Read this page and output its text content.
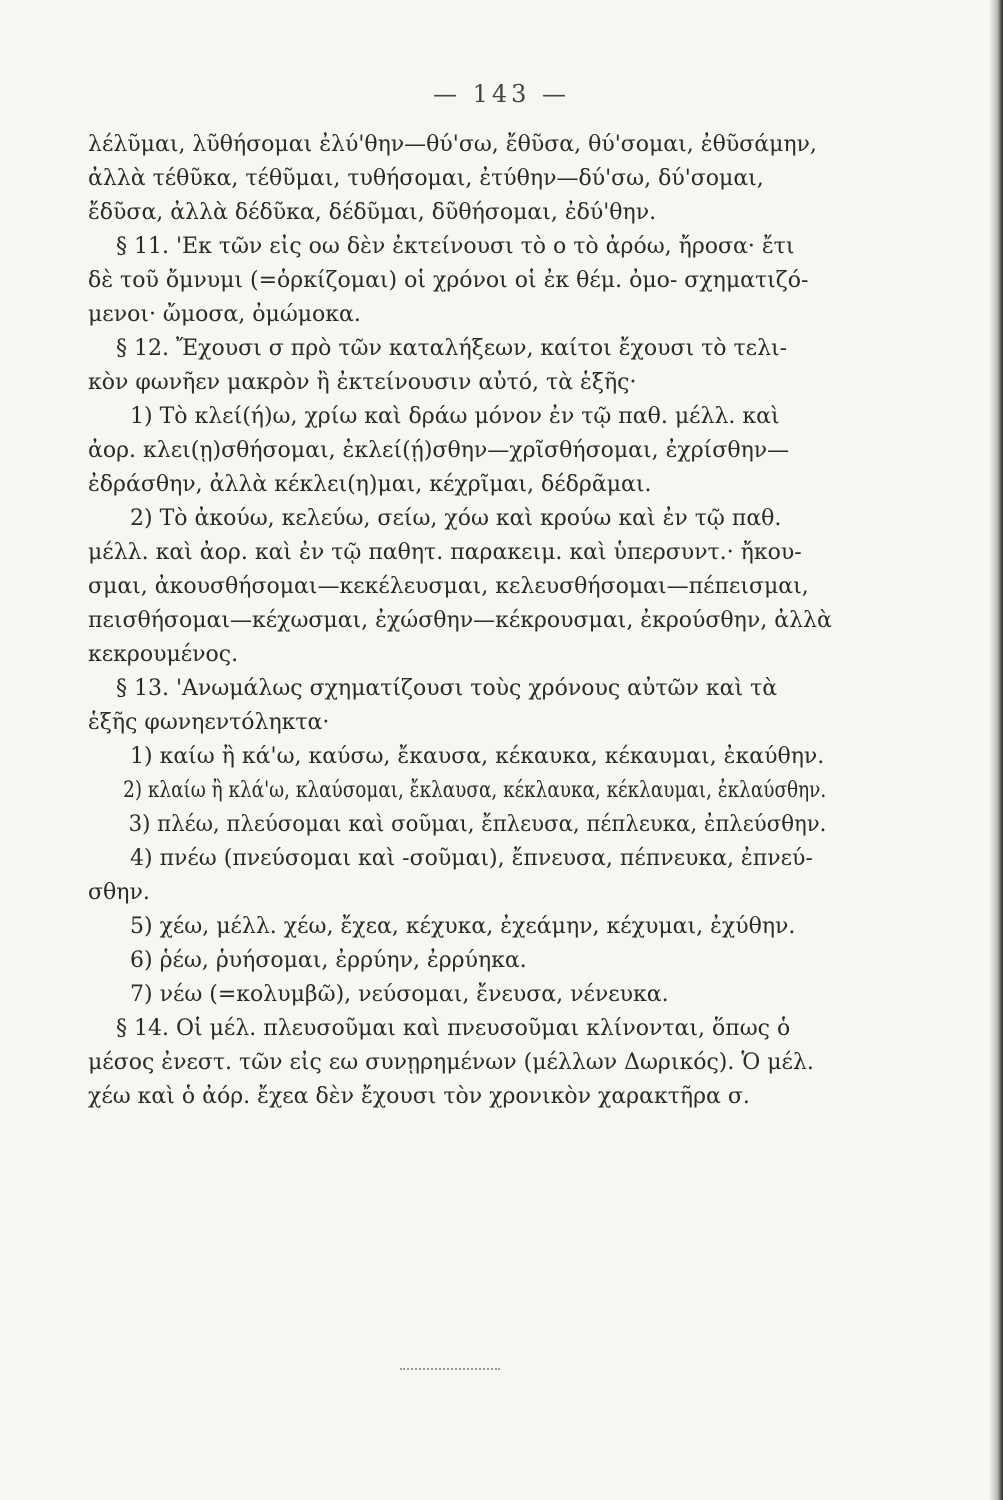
— 143 —
λέλῦμαι, λῦθήσομαι ἐλύ'θην—θύ'σω, ἔθῦσα, θύ'σομαι, ἐθῦσάμην,
ἀλλὰ τέθῦκα, τέθῦμαι, τυθήσομαι, ἐτύθην—δύ'σω, δύ'σομαι,
ἔδῦσα, ἀλλὰ δέδῦκα, δέδῦμαι, δῦθήσομαι, ἐδύ'θην.
§ 11. 'Εκ τῶν εἰς οω δὲν ἐκτείνουσι τὸ ο τὸ ἀρόω, ἤροσα· ἔτι
δὲ τοῦ ὄμνυμι (=ὁρκίζομαι) οἱ χρόνοι οἱ ἐκ θέμ. ὀμο- σχηματιζό-
μενοι· ὤμοσα, ὀμώμοκα.
§ 12. Ἔχουσι σ πρὸ τῶν καταλήξεων, καίτοι ἔχουσι τὸ τελι-
κὸν φωνῆεν μακρὸν ἢ ἐκτείνουσιν αὐτό, τὰ ἑξῆς·
1) Τὸ κλεί(ή)ω, χρίω καὶ δράω μόνον ἐν τῷ παθ. μέλλ. καὶ
ἀορ. κλει(ῃ)σθήσομαι, ἐκλεί(ῄ)σθην—χρῖσθήσομαι, ἐχρίσθην—
ἐδράσθην, ἀλλὰ κέκλει(η)μαι, κέχρῖμαι, δέδρᾶμαι.
2) Τὸ ἀκούω, κελεύω, σείω, χόω καὶ κρούω καὶ ἐν τῷ παθ.
μέλλ. καὶ ἀορ. καὶ ἐν τῷ παθητ. παρακειμ. καὶ ὑπερσυντ.· ἤκου-
σμαι, ἀκουσθήσομαι—κεκέλευσμαι, κελευσθήσομαι—πέπεισμαι,
πεισθήσομαι—κέχωσμαι, ἐχώσθην—κέκρουσμαι, ἐκρούσθην, ἀλλὰ
κεκρουμένος.
§ 13. 'Ανωμάλως σχηματίζουσι τοὺς χρόνους αὐτῶν καὶ τὰ
ἑξῆς φωνηεντόληκτα·
1) καίω ἢ κά'ω, καύσω, ἔκαυσα, κέκαυκα, κέκαυμαι, ἐκαύθην.
2) κλαίω ἢ κλά'ω, κλαύσομαι, ἔκλαυσα, κέκλαυκα, κέκλαυμαι, ἐκλαύσθην.
3) πλέω, πλεύσομαι καὶ σοῦμαι, ἔπλευσα, πέπλευκα, ἐπλεύσθην.
4) πνέω (πνεύσομαι καὶ -σοῦμαι), ἔπνευσα, πέπνευκα, ἐπνεύ-
σθην.
5) χέω, μέλλ. χέω, ἔχεα, κέχυκα, ἐχεάμην, κέχυμαι, ἐχύθην.
6) ῥέω, ῥυήσομαι, ἐρρύην, ἐρρύηκα.
7) νέω (=κολυμβῶ), νεύσομαι, ἔνευσα, νένευκα.
§ 14. Οἱ μέλ. πλευσοῦμαι καὶ πνευσοῦμαι κλίνονται, ὅπως ὁ
μέσος ἐνεστ. τῶν εἰς εω συνῃρημένων (μέλλων Δωρικός). Ὁ μέλ.
χέω καὶ ὁ ἀόρ. ἔχεα δὲν ἔχουσι τὸν χρονικὸν χαρακτῆρα σ.
